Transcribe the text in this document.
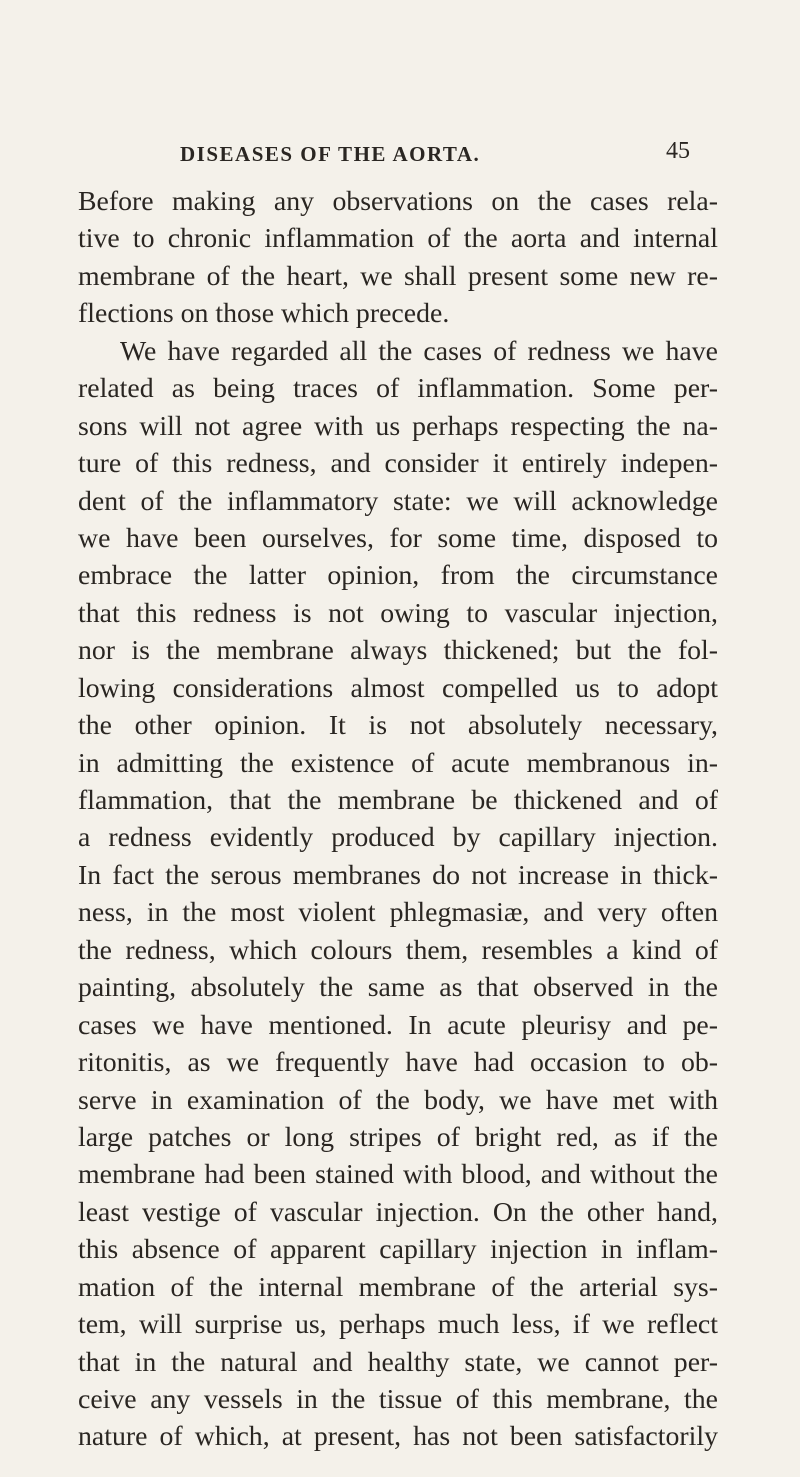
DISEASES OF THE AORTA.	45
Before making any observations on the cases rela-
tive to chronic inflammation of the aorta and internal
membrane of the heart, we shall present some new re-
flections on those which precede.
We have regarded all the cases of redness we have
related as being traces of inflammation. Some per-
sons will not agree with us perhaps respecting the na-
ture of this redness, and consider it entirely indepen-
dent of the inflammatory state: we will acknowledge
we have been ourselves, for some time, disposed to
embrace the latter opinion, from the circumstance
that this redness is not owing to vascular injection,
nor is the membrane always thickened; but the fol-
lowing considerations almost compelled us to adopt
the other opinion. It is not absolutely necessary,
in admitting the existence of acute membranous in-
flammation, that the membrane be thickened and of
a redness evidently produced by capillary injection.
In fact the serous membranes do not increase in thick-
ness, in the most violent phlegmasiæ, and very often
the redness, which colours them, resembles a kind of
painting, absolutely the same as that observed in the
cases we have mentioned. In acute pleurisy and pe-
ritonitis, as we frequently have had occasion to ob-
serve in examination of the body, we have met with
large patches or long stripes of bright red, as if the
membrane had been stained with blood, and without the
least vestige of vascular injection. On the other hand,
this absence of apparent capillary injection in inflam-
mation of the internal membrane of the arterial sys-
tem, will surprise us, perhaps much less, if we reflect
that in the natural and healthy state, we cannot per-
ceive any vessels in the tissue of this membrane, the
nature of which, at present, has not been satisfactorily
